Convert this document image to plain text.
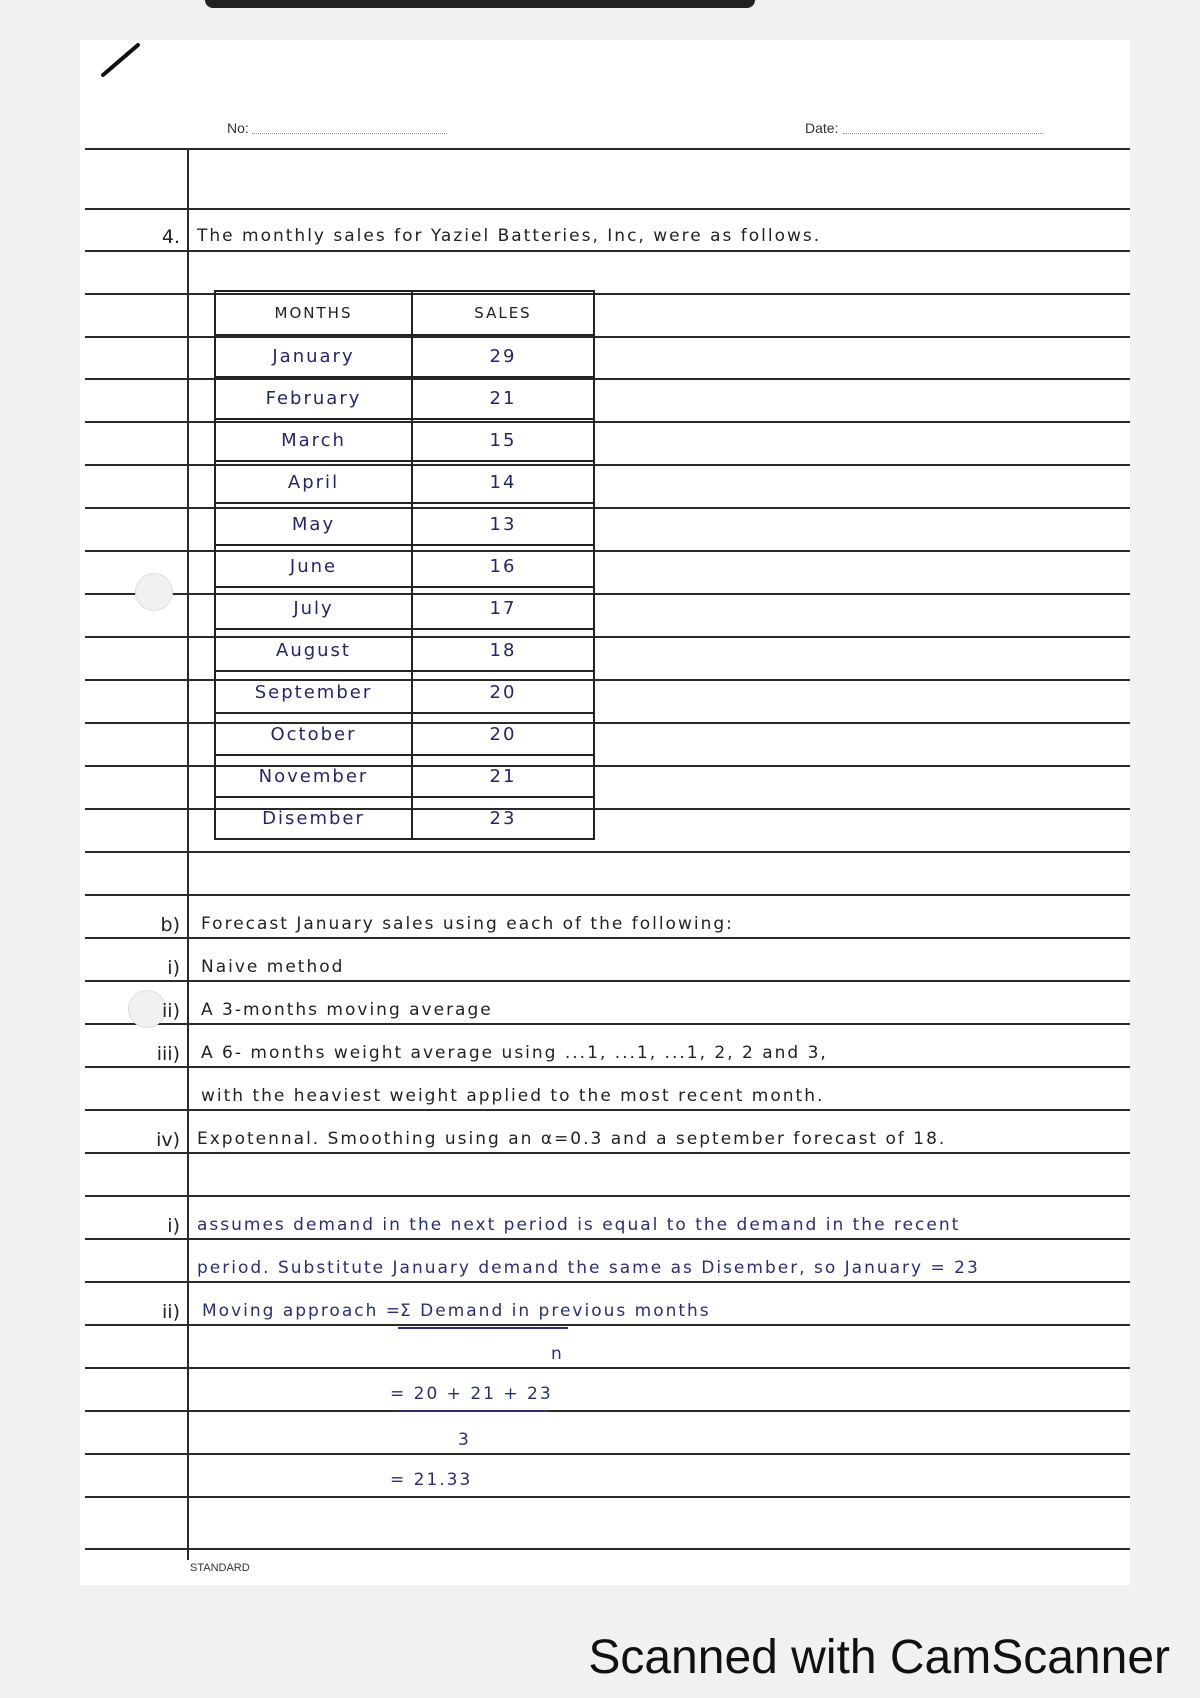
No:	Date:
4. The monthly sales for Yaziel Batteries, Inc, were as follows.
MONTHS	SALES
January	29
February	21
March	15
April	14
May	13
June	16
July	17
August	18
September	20
October	20
November	21
Disember	23
b) Forecast January sales using each of the following:
i) Naive method
ii) A 3-months moving average
iii) A 6- months weight average using ...1, ...1, ...1, 2, 2 and 3,
with the heaviest weight applied to the most recent month.
iv) Expotennal. Smoothing using an α=0.3 and a september forecast of 18.
i) assumes demand in the next period is equal to the demand in the recent
period. Substitute January demand the same as Disember, so January = 23
ii) Moving approach =
Σ Demand in previous months
n
= 20 + 21 + 23
3
= 21.33
STANDARD
Scanned with CamScanner
